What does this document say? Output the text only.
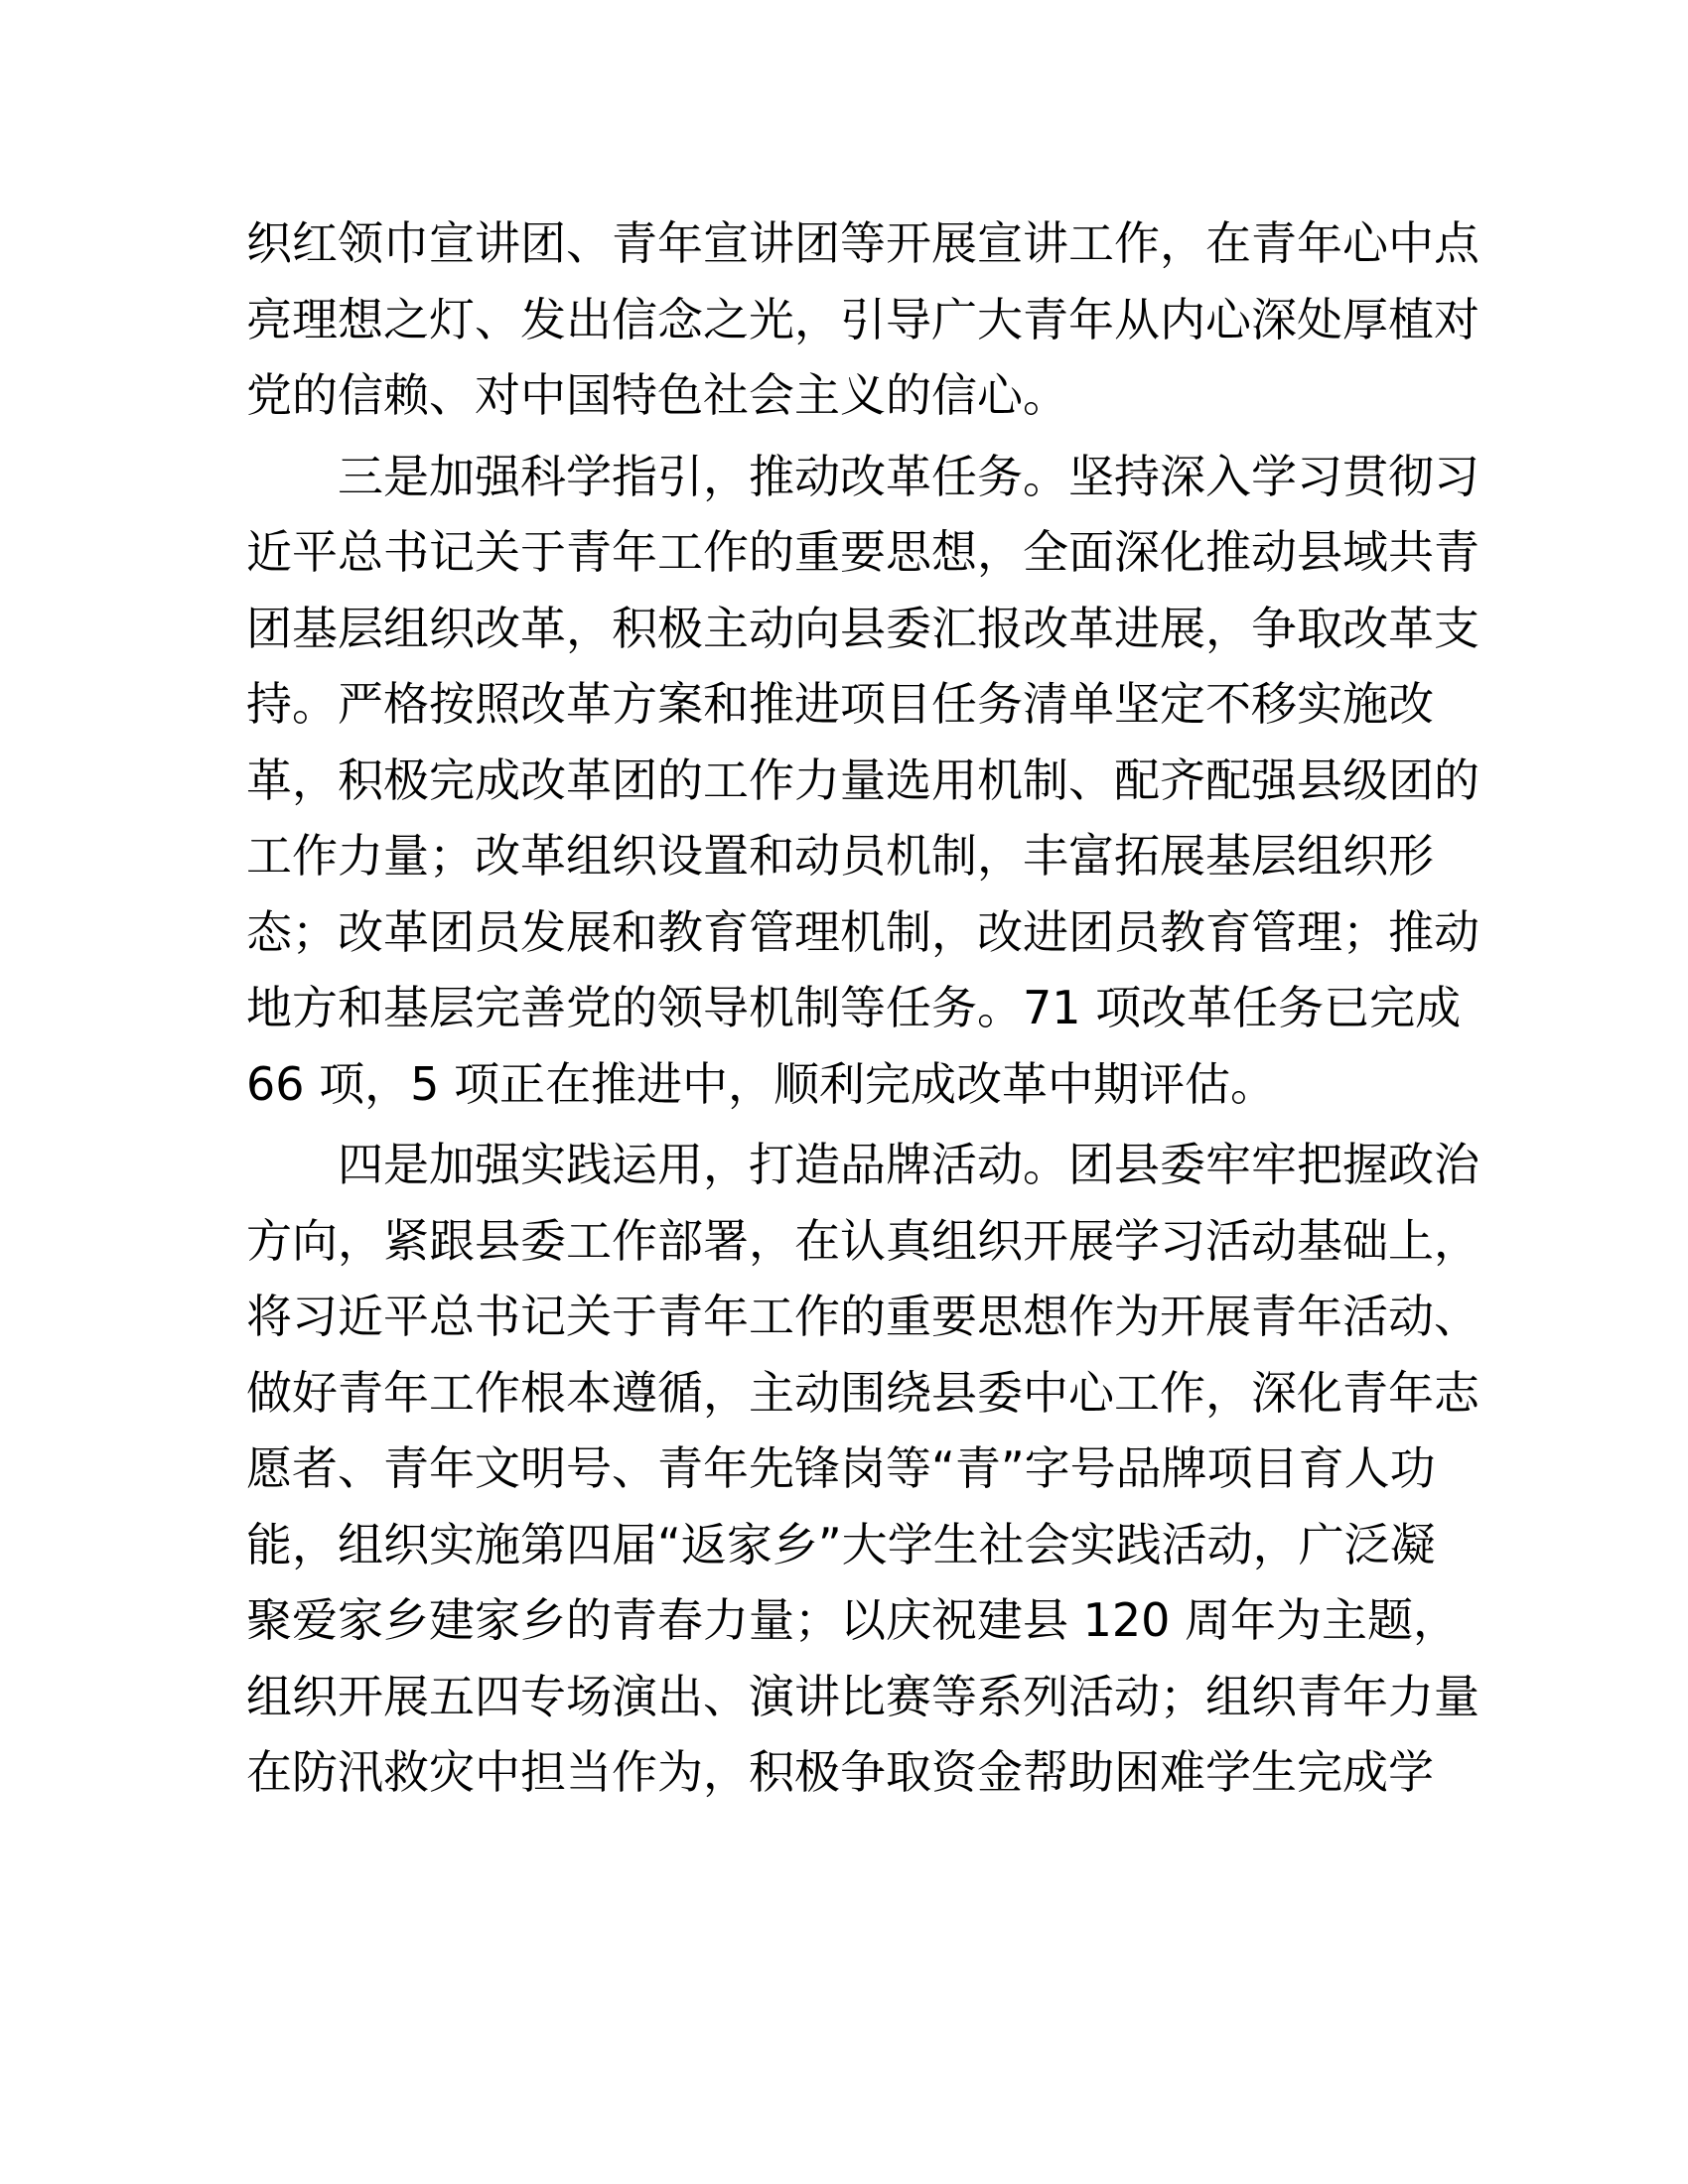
织红领巾宣讲团、青年宣讲团等开展宣讲工作，在青年心中点
亮理想之灯、发出信念之光，引导广大青年从内心深处厚植对
党的信赖、对中国特色社会主义的信心。

三是加强科学指引，推动改革任务。坚持深入学习贯彻习
近平总书记关于青年工作的重要思想，全面深化推动县域共青
团基层组织改革，积极主动向县委汇报改革进展，争取改革支
持。严格按照改革方案和推进项目任务清单坚定不移实施改
革，积极完成改革团的工作力量选用机制、配齐配强县级团的
工作力量；改革组织设置和动员机制，丰富拓展基层组织形
态；改革团员发展和教育管理机制，改进团员教育管理；推动
地方和基层完善党的领导机制等任务。71 项改革任务已完成
66 项，5 项正在推进中，顺利完成改革中期评估。

四是加强实践运用，打造品牌活动。团县委牢牢把握政治
方向，紧跟县委工作部署，在认真组织开展学习活动基础上，
将习近平总书记关于青年工作的重要思想作为开展青年活动、
做好青年工作根本遵循，主动围绕县委中心工作，深化青年志
愿者、青年文明号、青年先锋岗等“青”字号品牌项目育人功
能，组织实施第四届“返家乡”大学生社会实践活动，广泛凝
聚爱家乡建家乡的青春力量；以庆祝建县 120 周年为主题，
组织开展五四专场演出、演讲比赛等系列活动；组织青年力量
在防汛救灾中担当作为，积极争取资金帮助困难学生完成学
